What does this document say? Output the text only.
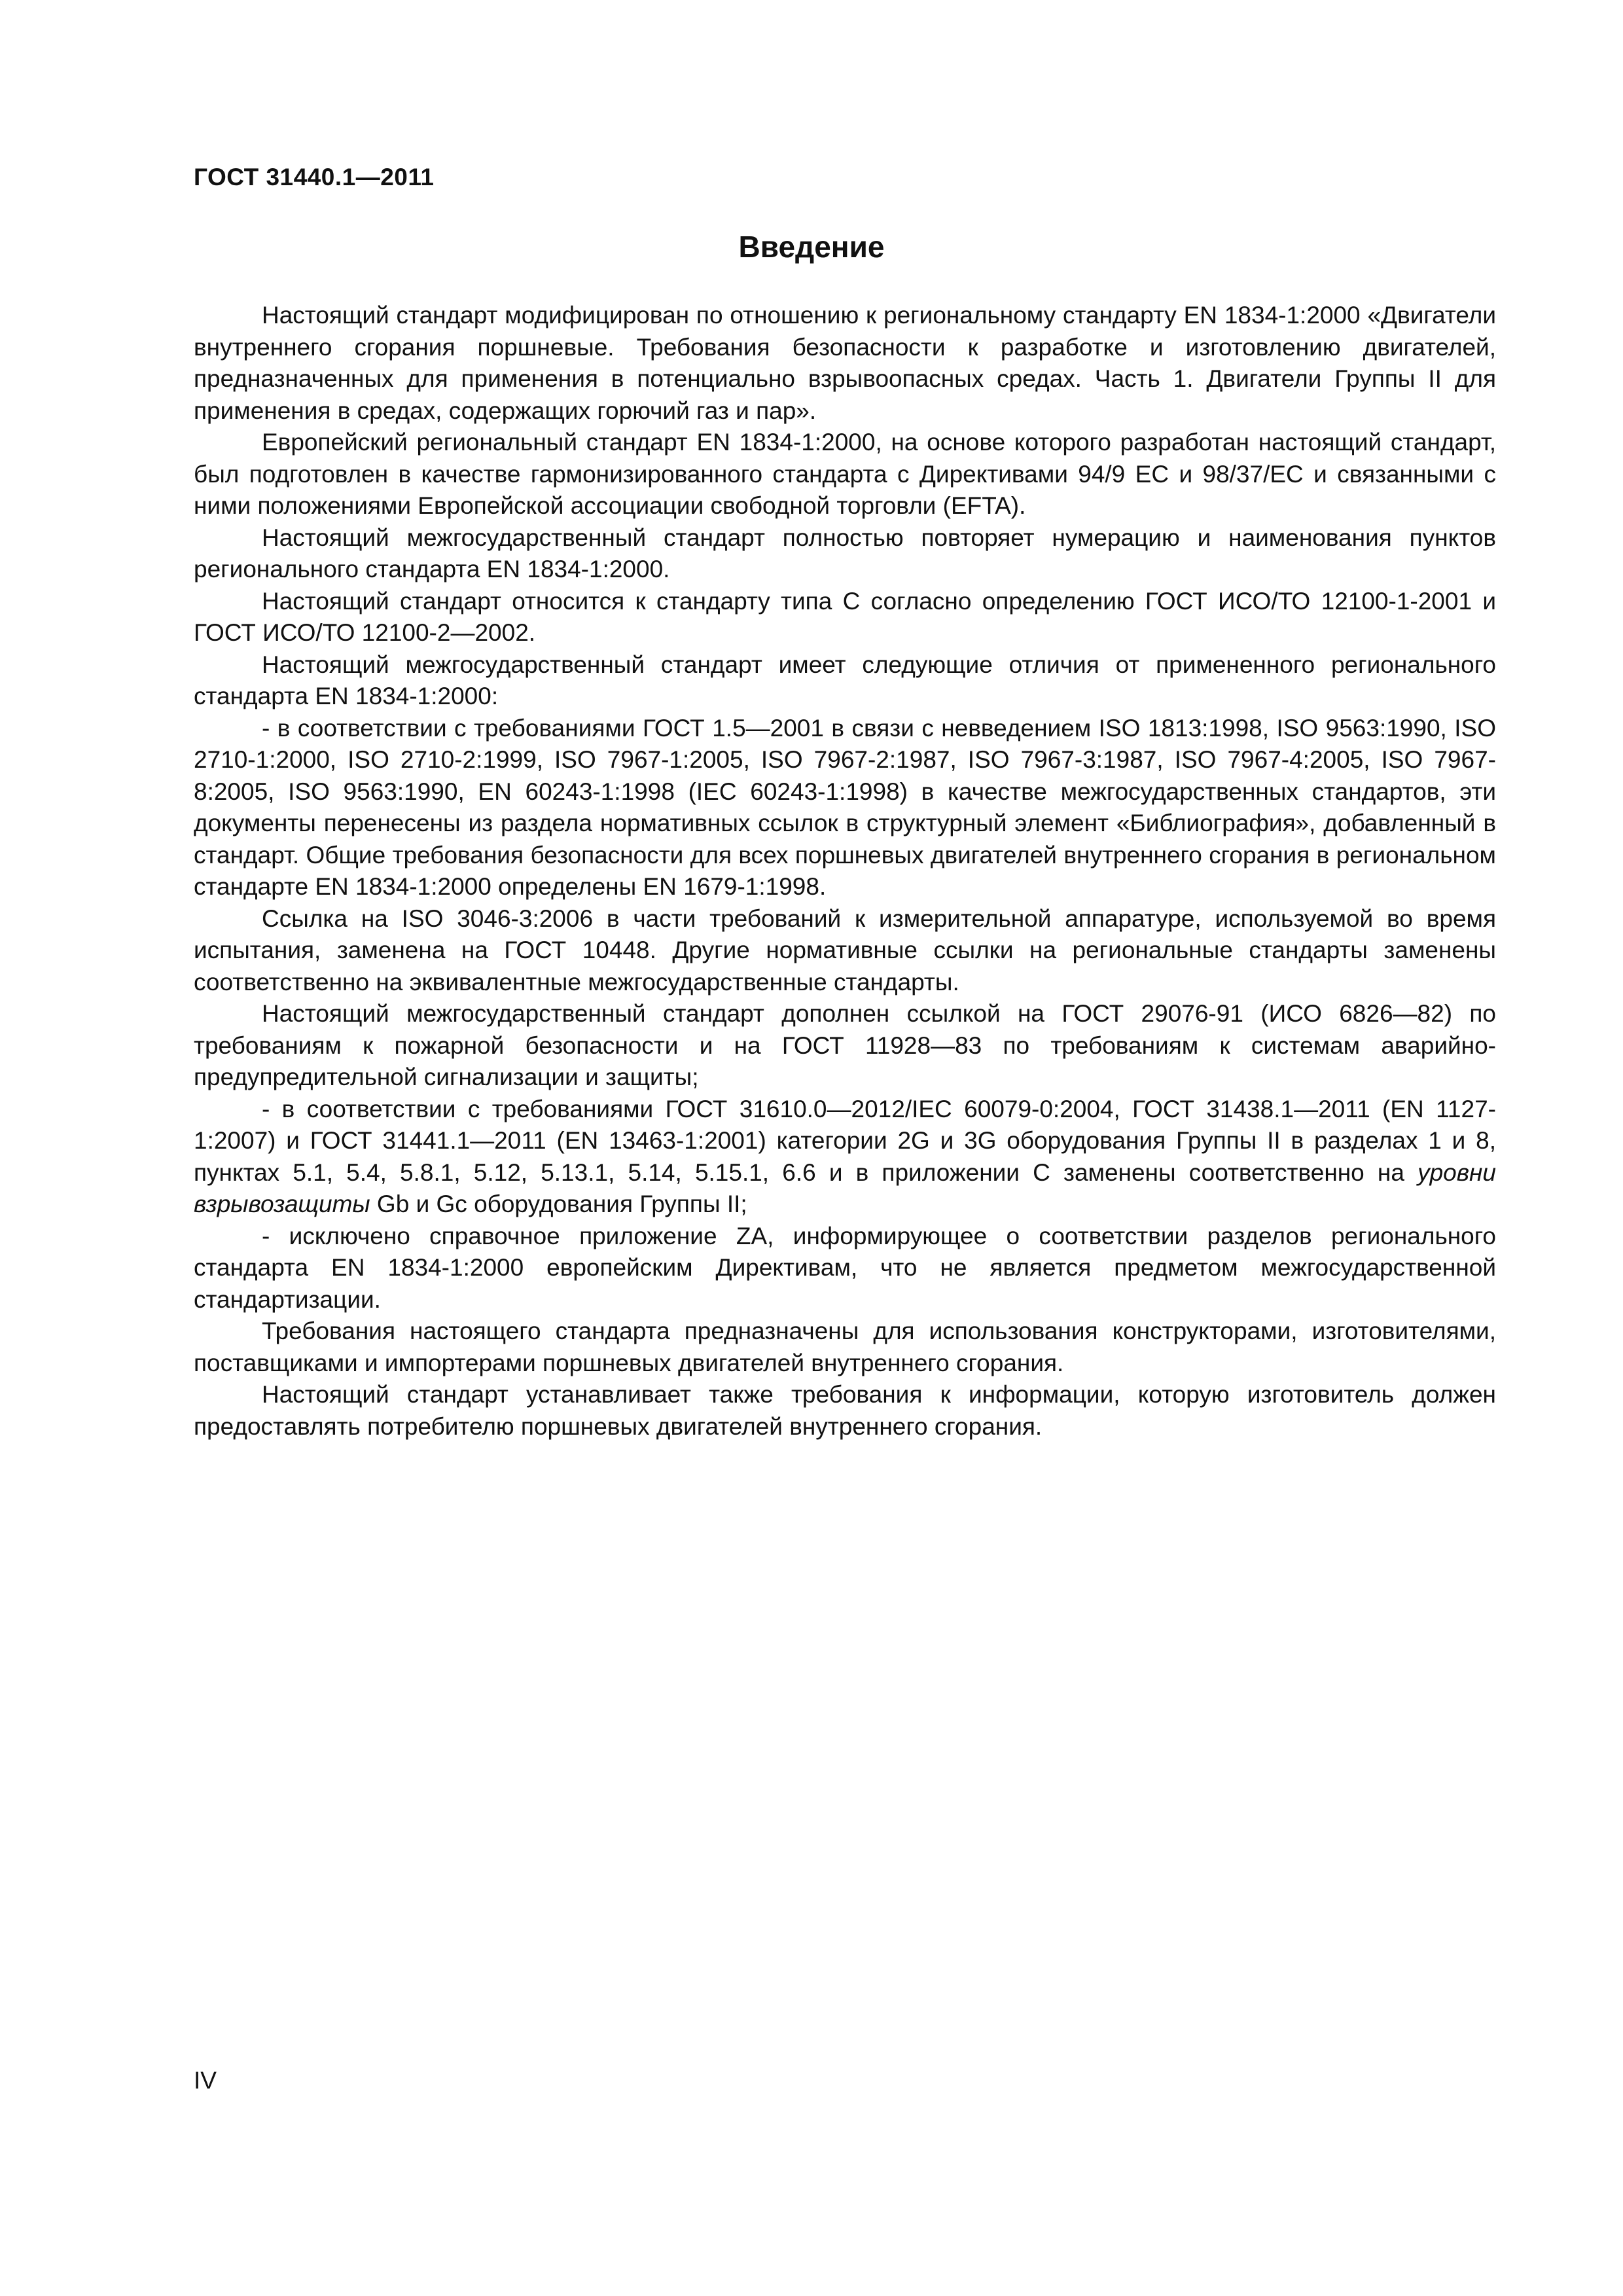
ГОСТ 31440.1—2011
Введение

Настоящий стандарт модифицирован по отношению к региональному стандарту EN 1834-1:2000 «Двигатели внутреннего сгорания поршневые. Требования безопасности к разработке и изготовлению двигателей, предназначенных для применения в потенциально взрывоопасных средах. Часть 1. Двигатели Группы II для применения в средах, содержащих горючий газ и пар».

Европейский региональный стандарт EN 1834-1:2000, на основе которого разработан настоящий стандарт, был подготовлен в качестве гармонизированного стандарта с Директивами 94/9 ЕС и 98/37/ЕС и связанными с ними положениями Европейской ассоциации свободной торговли (EFTA).

Настоящий межгосударственный стандарт полностью повторяет нумерацию и наименования пунктов регионального стандарта EN 1834-1:2000.

Настоящий стандарт относится к стандарту типа С согласно определению ГОСТ ИСО/ТО 12100-1-2001 и ГОСТ ИСО/ТО 12100-2—2002.

Настоящий межгосударственный стандарт имеет следующие отличия от примененного регионального стандарта EN 1834-1:2000:

- в соответствии с требованиями ГОСТ 1.5—2001 в связи с невведением ISO 1813:1998, ISO 9563:1990, ISO 2710-1:2000, ISO 2710-2:1999, ISO 7967-1:2005, ISO 7967-2:1987, ISO 7967-3:1987, ISO 7967-4:2005, ISO 7967-8:2005, ISO 9563:1990, EN 60243-1:1998 (IEC 60243-1:1998) в качестве межгосударственных стандартов, эти документы перенесены из раздела нормативных ссылок в структурный элемент «Библиография», добавленный в стандарт. Общие требования безопасности для всех поршневых двигателей внутреннего сгорания в региональном стандарте EN 1834-1:2000 определены EN 1679-1:1998.

Ссылка на ISO 3046-3:2006 в части требований к измерительной аппаратуре, используемой во время испытания, заменена на ГОСТ 10448. Другие нормативные ссылки на региональные стандарты заменены соответственно на эквивалентные межгосударственные стандарты.

Настоящий межгосударственный стандарт дополнен ссылкой на ГОСТ 29076-91 (ИСО 6826—82) по требованиям к пожарной безопасности и на ГОСТ 11928—83 по требованиям к системам аварийно-предупредительной сигнализации и защиты;

- в соответствии с требованиями ГОСТ 31610.0—2012/IEC 60079-0:2004, ГОСТ 31438.1—2011 (EN 1127-1:2007) и ГОСТ 31441.1—2011 (EN 13463-1:2001) категории 2G и 3G оборудования Группы II в разделах 1 и 8, пунктах 5.1, 5.4, 5.8.1, 5.12, 5.13.1, 5.14, 5.15.1, 6.6 и в приложении С заменены соответственно на уровни взрывозащиты Gb и Gc оборудования Группы II;

- исключено справочное приложение ZA, информирующее о соответствии разделов регионального стандарта EN 1834-1:2000 европейским Директивам, что не является предметом межгосударственной стандартизации.

Требования настоящего стандарта предназначены для использования конструкторами, изготовителями, поставщиками и импортерами поршневых двигателей внутреннего сгорания.

Настоящий стандарт устанавливает также требования к информации, которую изготовитель должен предоставлять потребителю поршневых двигателей внутреннего сгорания.

IV
